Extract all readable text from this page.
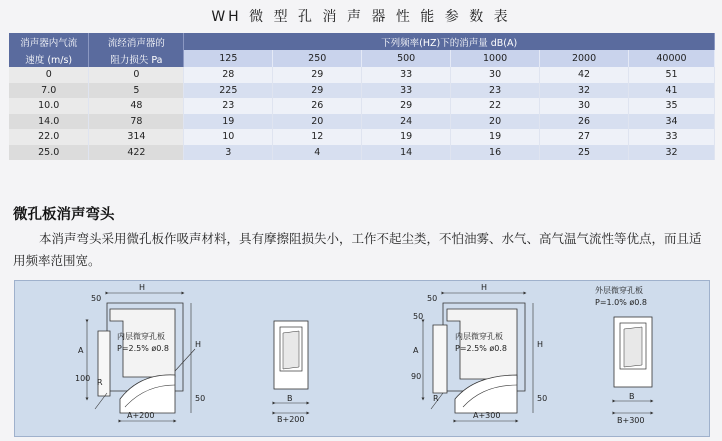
WH 微 型 孔 消 声 器 性 能 参 数 表
消声器内气流	流经消声器的	下列频率(HZ)下的消声量 dB(A)					
速度 (m/s)	阻力损失 Pa	125	250	500	1000	2000	40000
0	0	28	29	33	30	42	51
7.0	5	225	29	33	23	32	41
10.0	48	23	26	29	22	30	35
14.0	78	19	20	24	20	26	34
22.0	314	10	12	19	19	27	33
25.0	422	3	4	14	16	25	32
微孔板消声弯头
本消声弯头采用微孔板作吸声材料，具有摩擦阻损失小，工作不起尘类，不怕油雾、水气、高气温气流性等优点，而且适用频率范围宽。
50
H
A
100 R
A+200
50
H
内层微穿孔板
P=2.5% ø0.8
B
B+200
50
H
50
A
90
R
A+300
50
H
内层微穿孔板
P=2.5% ø0.8
外层微穿孔板
P=1.0% ø0.8
B
B+300
